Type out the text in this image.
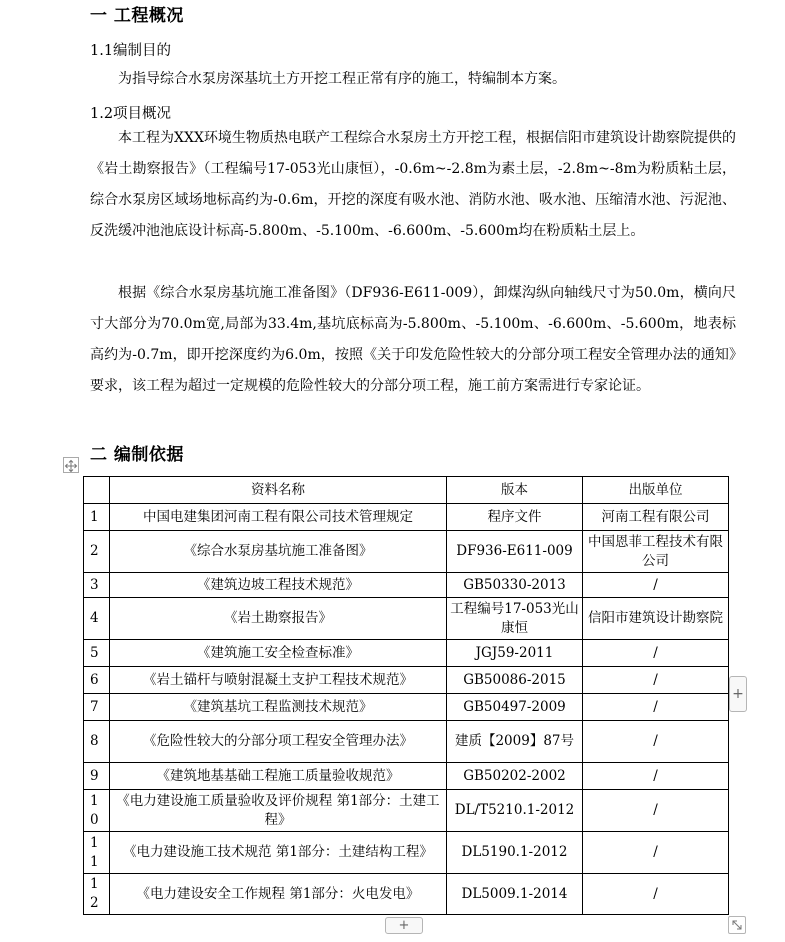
一 工程概况
1.1编制目的
为指导综合水泵房深基坑土方开挖工程正常有序的施工，特编制本方案。
1.2项目概况
本工程为XXX环境生物质热电联产工程综合水泵房土方开挖工程，根据信阳市建筑设计勘察院提供的《岩土勘察报告》（工程编号17-053光山康恒），-0.6m~-2.8m为素土层，-2.8m~-8m为粉质粘土层，综合水泵房区域场地标高约为-0.6m，开挖的深度有吸水池、消防水池、吸水池、压缩清水池、污泥池、反洗缓冲池池底设计标高-5.800m、-5.100m、-6.600m、-5.600m均在粉质粘土层上。
根据《综合水泵房基坑施工准备图》（DF936-E611-009），卸煤沟纵向轴线尺寸为50.0m，横向尺寸大部分为70.0m宽,局部为33.4m,基坑底标高为-5.800m、-5.100m、-6.600m、-5.600m，地表标高约为-0.7m，即开挖深度约为6.0m，按照《关于印发危险性较大的分部分项工程安全管理办法的通知》要求，该工程为超过一定规模的危险性较大的分部分项工程，施工前方案需进行专家论证。
二 编制依据
	资料名称	版本	出版单位
1	中国电建集团河南工程有限公司技术管理规定	程序文件	河南工程有限公司
2	《综合水泵房基坑施工准备图》	DF936-E611-009	中国恩菲工程技术有限公司
3	《建筑边坡工程技术规范》	GB50330-2013	/
4	《岩土勘察报告》	工程编号17-053光山康恒	信阳市建筑设计勘察院
5	《建筑施工安全检查标准》	JGJ59-2011	/
6	《岩土锚杆与喷射混凝土支护工程技术规范》	GB50086-2015	/
7	《建筑基坑工程监测技术规范》	GB50497-2009	/
8	《危险性较大的分部分项工程安全管理办法》	建质【2009】87号	/
9	《建筑地基基础工程施工质量验收规范》	GB50202-2002	/
10	《电力建设施工质量验收及评价规程 第1部分：土建工程》	DL/T5210.1-2012	/
11	《电力建设施工技术规范 第1部分：土建结构工程》	DL5190.1-2012	/
12	《电力建设安全工作规程 第1部分：火电发电》	DL5009.1-2014	/
+
+
